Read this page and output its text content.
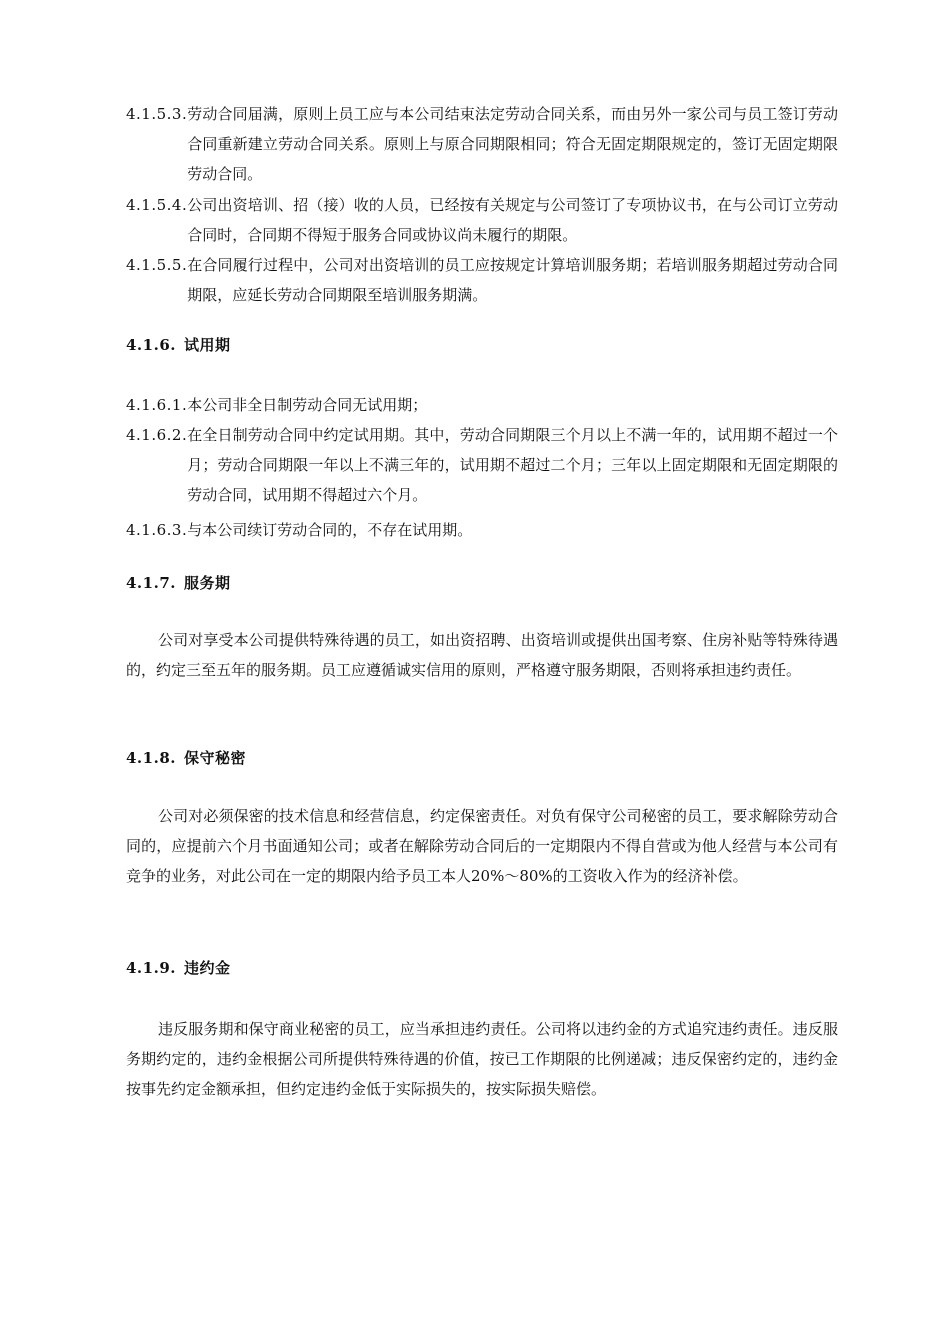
4.1.5.3. 劳动合同届满，原则上员工应与本公司结束法定劳动合同关系，而由另外一家公司与员工签订劳动合同重新建立劳动合同关系。原则上与原合同期限相同；符合无固定期限规定的，签订无固定期限劳动合同。
4.1.5.4. 公司出资培训、招（接）收的人员，已经按有关规定与公司签订了专项协议书，在与公司订立劳动合同时，合同期不得短于服务合同或协议尚未履行的期限。
4.1.5.5. 在合同履行过程中，公司对出资培训的员工应按规定计算培训服务期；若培训服务期超过劳动合同期限，应延长劳动合同期限至培训服务期满。
4.1.6. 试用期
4.1.6.1. 本公司非全日制劳动合同无试用期；
4.1.6.2. 在全日制劳动合同中约定试用期。其中，劳动合同期限三个月以上不满一年的，试用期不超过一个月；劳动合同期限一年以上不满三年的，试用期不超过二个月；三年以上固定期限和无固定期限的劳动合同，试用期不得超过六个月。
4.1.6.3. 与本公司续订劳动合同的，不存在试用期。
4.1.7. 服务期
公司对享受本公司提供特殊待遇的员工，如出资招聘、出资培训或提供出国考察、住房补贴等特殊待遇的，约定三至五年的服务期。员工应遵循诚实信用的原则，严格遵守服务期限，否则将承担违约责任。
4.1.8. 保守秘密
公司对必须保密的技术信息和经营信息，约定保密责任。对负有保守公司秘密的员工，要求解除劳动合同的，应提前六个月书面通知公司；或者在解除劳动合同后的一定期限内不得自营或为他人经营与本公司有竞争的业务，对此公司在一定的期限内给予员工本人20%～80%的工资收入作为的经济补偿。
4.1.9. 违约金
违反服务期和保守商业秘密的员工，应当承担违约责任。公司将以违约金的方式追究违约责任。违反服务期约定的，违约金根据公司所提供特殊待遇的价值，按已工作期限的比例递减；违反保密约定的，违约金按事先约定金额承担，但约定违约金低于实际损失的，按实际损失赔偿。
